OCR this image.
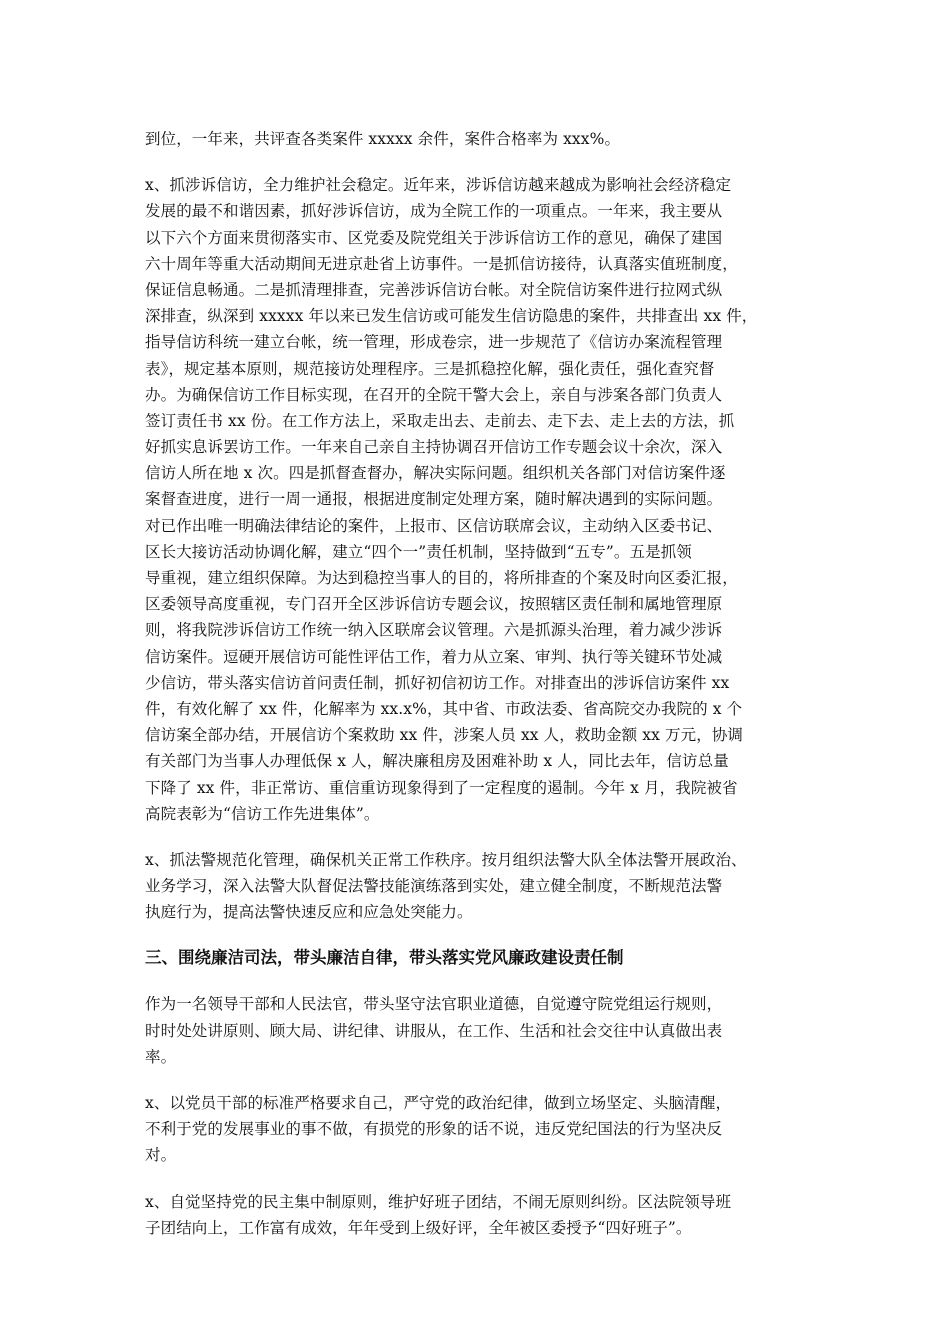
到位，一年来，共评查各类案件 xxxxx 余件，案件合格率为 xxx%。
x、抓涉诉信访，全力维护社会稳定。近年来，涉诉信访越来越成为影响社会经济稳定
发展的最不和谐因素，抓好涉诉信访，成为全院工作的一项重点。一年来，我主要从
以下六个方面来贯彻落实市、区党委及院党组关于涉诉信访工作的意见，确保了建国
六十周年等重大活动期间无进京赴省上访事件。一是抓信访接待，认真落实值班制度，
保证信息畅通。二是抓清理排查，完善涉诉信访台帐。对全院信访案件进行拉网式纵
深排查，纵深到 xxxxx 年以来已发生信访或可能发生信访隐患的案件，共排查出 xx 件，
指导信访科统一建立台帐，统一管理，形成卷宗，进一步规范了《信访办案流程管理
表》，规定基本原则，规范接访处理程序。三是抓稳控化解，强化责任，强化查究督
办。为确保信访工作目标实现，在召开的全院干警大会上，亲自与涉案各部门负责人
签订责任书 xx 份。在工作方法上，采取走出去、走前去、走下去、走上去的方法，抓
好抓实息诉罢访工作。一年来自己亲自主持协调召开信访工作专题会议十余次，深入
信访人所在地 x 次。四是抓督查督办，解决实际问题。组织机关各部门对信访案件逐
案督查进度，进行一周一通报，根据进度制定处理方案，随时解决遇到的实际问题。
对已作出唯一明确法律结论的案件，上报市、区信访联席会议，主动纳入区委书记、
区长大接访活动协调化解，建立“四个一”责任机制，坚持做到“五专”。五是抓领
导重视，建立组织保障。为达到稳控当事人的目的，将所排查的个案及时向区委汇报，
区委领导高度重视，专门召开全区涉诉信访专题会议，按照辖区责任制和属地管理原
则，将我院涉诉信访工作统一纳入区联席会议管理。六是抓源头治理，着力减少涉诉
信访案件。逗硬开展信访可能性评估工作，着力从立案、审判、执行等关键环节处减
少信访，带头落实信访首问责任制，抓好初信初访工作。对排查出的涉诉信访案件 xx
件，有效化解了 xx 件，化解率为 xx.x%，其中省、市政法委、省高院交办我院的 x 个
信访案全部办结，开展信访个案救助 xx 件，涉案人员 xx 人，救助金额 xx 万元，协调
有关部门为当事人办理低保 x 人，解决廉租房及困难补助 x 人，同比去年，信访总量
下降了 xx 件，非正常访、重信重访现象得到了一定程度的遏制。今年 x 月，我院被省
高院表彰为“信访工作先进集体”。
x、抓法警规范化管理，确保机关正常工作秩序。按月组织法警大队全体法警开展政治、
业务学习，深入法警大队督促法警技能演练落到实处，建立健全制度，不断规范法警
执庭行为，提高法警快速反应和应急处突能力。
三、围绕廉洁司法，带头廉洁自律，带头落实党风廉政建设责任制
作为一名领导干部和人民法官，带头坚守法官职业道德，自觉遵守院党组运行规则，
时时处处讲原则、顾大局、讲纪律、讲服从，在工作、生活和社会交往中认真做出表
率。
x、以党员干部的标准严格要求自己，严守党的政治纪律，做到立场坚定、头脑清醒，
不利于党的发展事业的事不做，有损党的形象的话不说，违反党纪国法的行为坚决反
对。
x、自觉坚持党的民主集中制原则，维护好班子团结，不闹无原则纠纷。区法院领导班
子团结向上，工作富有成效，年年受到上级好评，全年被区委授予“四好班子”。
